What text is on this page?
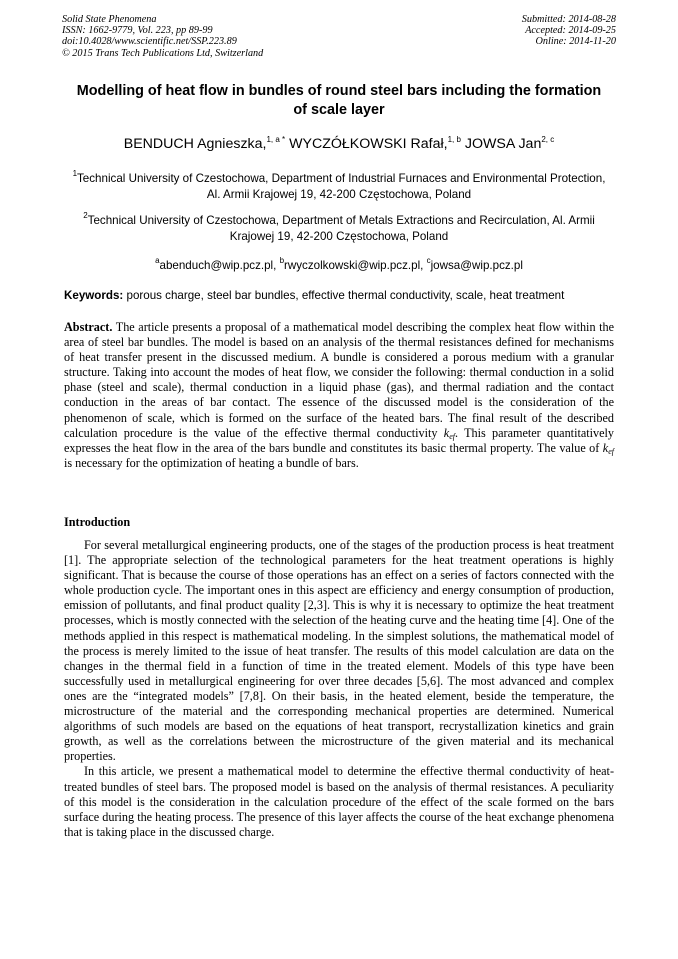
Solid State Phenomena
ISSN: 1662-9779, Vol. 223, pp 89-99
doi:10.4028/www.scientific.net/SSP.223.89
© 2015 Trans Tech Publications Ltd, Switzerland
Submitted: 2014-08-28
Accepted: 2014-09-25
Online: 2014-11-20
Modelling of heat flow in bundles of round steel bars including the formation of scale layer
BENDUCH Agnieszka,$^{1, a *}$ WYCZÓŁKOWSKI Rafał,$^{1, b}$ JOWSA Jan$^{2, c}$
$^1$Technical University of Czestochowa, Department of Industrial Furnaces and Environmental Protection, Al. Armii Krajowej 19, 42-200 Częstochowa, Poland
$^2$Technical University of Czestochowa, Department of Metals Extractions and Recirculation, Al. Armii Krajowej 19, 42-200 Częstochowa, Poland
$^a$abenduch@wip.pcz.pl, $^b$rwyczolkowski@wip.pcz.pl, $^c$jowsa@wip.pcz.pl
Keywords: porous charge, steel bar bundles, effective thermal conductivity, scale, heat treatment
Abstract. The article presents a proposal of a mathematical model describing the complex heat flow within the area of steel bar bundles. The model is based on an analysis of the thermal resistances defined for mechanisms of heat transfer present in the discussed medium. A bundle is considered a porous medium with a granular structure. Taking into account the modes of heat flow, we consider the following: thermal conduction in a solid phase (steel and scale), thermal conduction in a liquid phase (gas), and thermal radiation and the contact conduction in the areas of bar contact. The essence of the discussed model is the consideration of the phenomenon of scale, which is formed on the surface of the heated bars. The final result of the described calculation procedure is the value of the effective thermal conductivity $k_{ef}$. This parameter quantitatively expresses the heat flow in the area of the bars bundle and constitutes its basic thermal property. The value of $k_{ef}$ is necessary for the optimization of heating a bundle of bars.
Introduction

For several metallurgical engineering products, one of the stages of the production process is heat treatment [1]. The appropriate selection of the technological parameters for the heat treatment operations is highly significant. That is because the course of those operations has an effect on a series of factors connected with the whole production cycle. The important ones in this aspect are efficiency and energy consumption of production, emission of pollutants, and final product quality [2,3]. This is why it is necessary to optimize the heat treatment processes, which is mostly connected with the selection of the heating curve and the heating time [4]. One of the methods applied in this respect is mathematical modeling. In the simplest solutions, the mathematical model of the process is merely limited to the issue of heat transfer. The results of this model calculation are data on the changes in the thermal field in a function of time in the treated element. Models of this type have been successfully used in metallurgical engineering for over three decades [5,6]. The most advanced and complex ones are the “integrated models” [7,8]. On their basis, in the heated element, beside the temperature, the microstructure of the material and the corresponding mechanical properties are determined. Numerical algorithms of such models are based on the equations of heat transport, recrystallization kinetics and grain growth, as well as the correlations between the microstructure of the given material and its mechanical properties.

In this article, we present a mathematical model to determine the effective thermal conductivity of heat-treated bundles of steel bars. The proposed model is based on the analysis of thermal resistances. A peculiarity of this model is the consideration in the calculation procedure of the effect of the scale formed on the bars surface during the heating process. The presence of this layer affects the course of the heat exchange phenomena that is taking place in the discussed charge.
